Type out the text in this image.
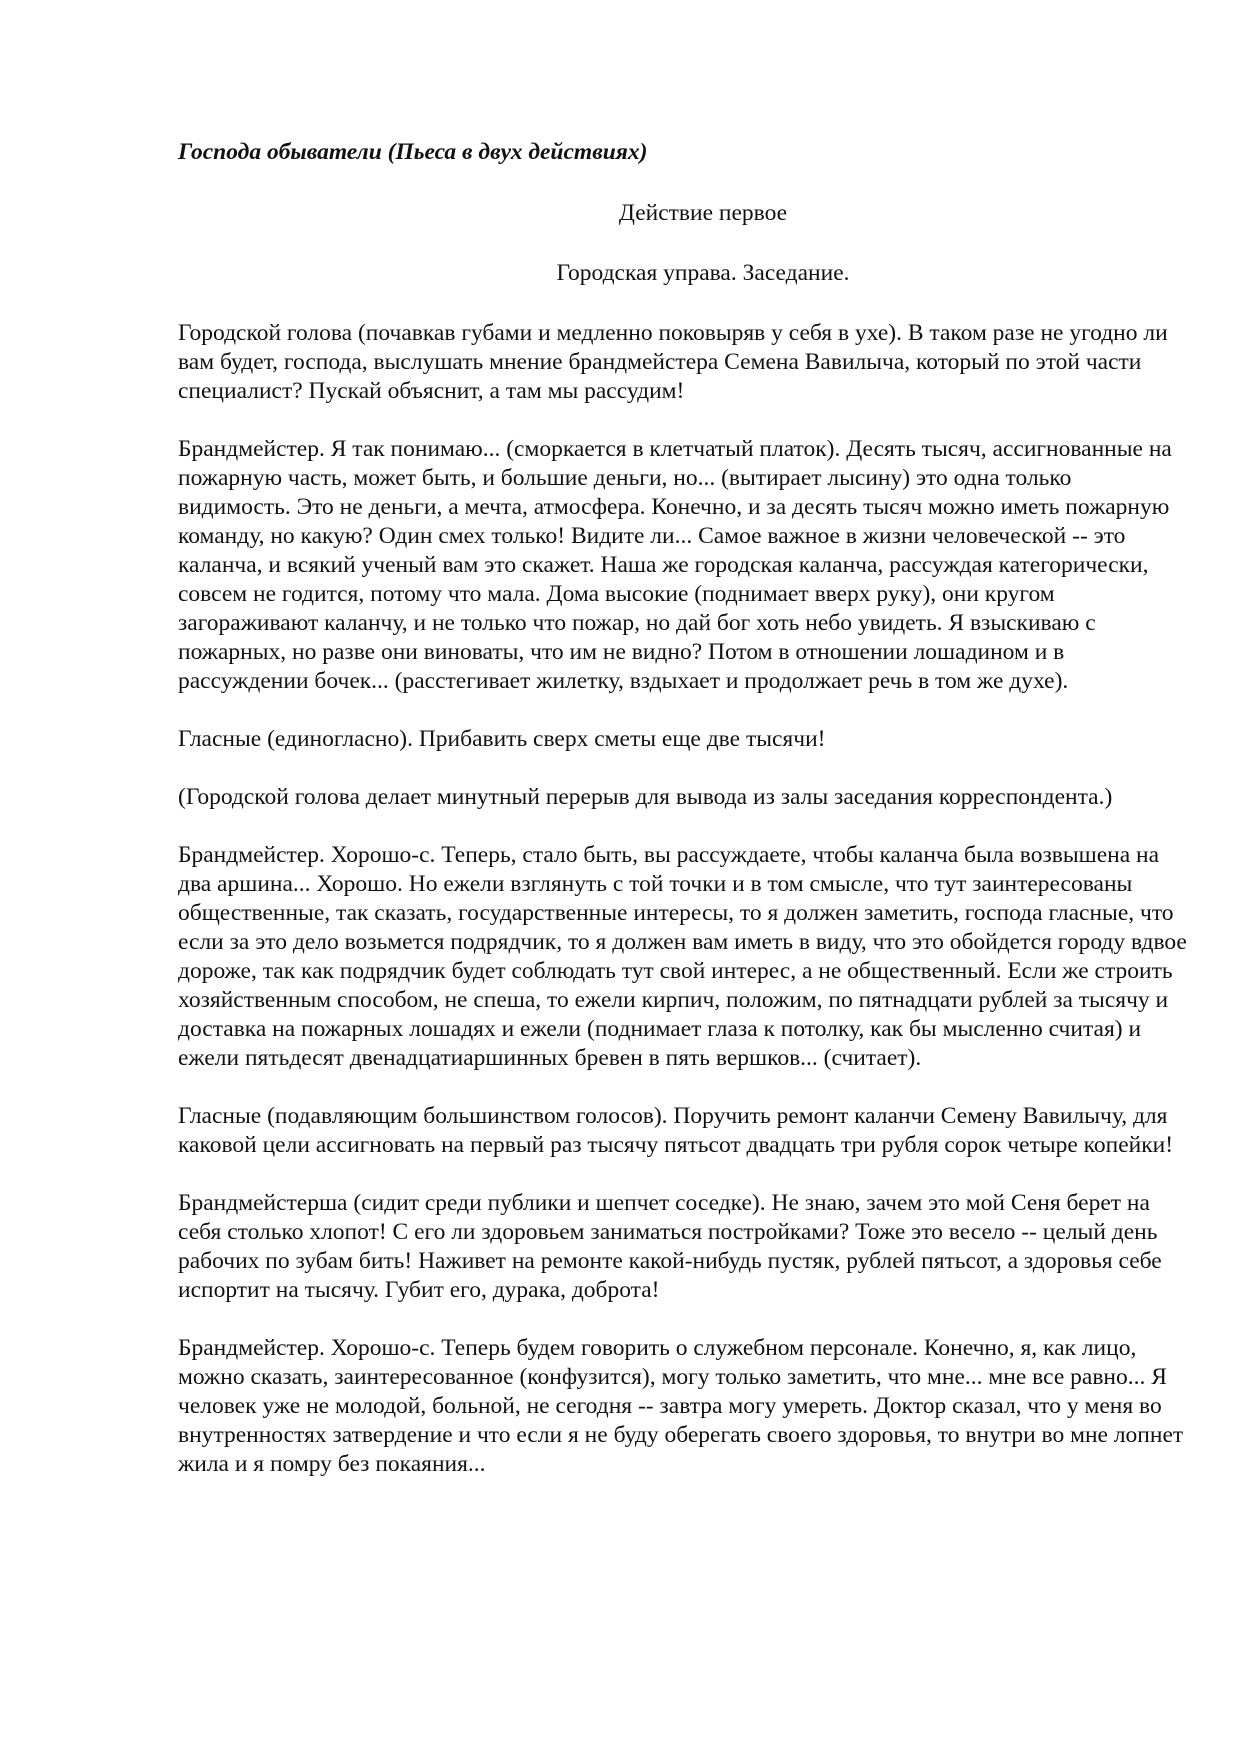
Господа обыватели (Пьеса в двух действиях)

Действие первое

Городская управа. Заседание.

Городской голова (почавкав губами и медленно поковыряв у себя в ухе). В таком разе не угодно ли вам будет, господа, выслушать мнение брандмейстера Семена Вавилыча, который по этой части специалист? Пускай объяснит, а там мы рассудим!

Брандмейстер. Я так понимаю... (сморкается в клетчатый платок). Десять тысяч, ассигнованные на пожарную часть, может быть, и большие деньги, но... (вытирает лысину) это одна только видимость. Это не деньги, а мечта, атмосфера. Конечно, и за десять тысяч можно иметь пожарную команду, но какую? Один смех только! Видите ли... Самое важное в жизни человеческой -- это каланча, и всякий ученый вам это скажет. Наша же городская каланча, рассуждая категорически, совсем не годится, потому что мала. Дома высокие (поднимает вверх руку), они кругом загораживают каланчу, и не только что пожар, но дай бог хоть небо увидеть. Я взыскиваю с пожарных, но разве они виноваты, что им не видно? Потом в отношении лошадином и в рассуждении бочек... (расстегивает жилетку, вздыхает и продолжает речь в том же духе).

Гласные (единогласно). Прибавить сверх сметы еще две тысячи!

(Городской голова делает минутный перерыв для вывода из залы заседания корреспондента.)

Брандмейстер. Хорошо-с. Теперь, стало быть, вы рассуждаете, чтобы каланча была возвышена на два аршина... Хорошо. Но ежели взглянуть с той точки и в том смысле, что тут заинтересованы общественные, так сказать, государственные интересы, то я должен заметить, господа гласные, что если за это дело возьмется подрядчик, то я должен вам иметь в виду, что это обойдется городу вдвое дороже, так как подрядчик будет соблюдать тут свой интерес, а не общественный. Если же строить хозяйственным способом, не спеша, то ежели кирпич, положим, по пятнадцати рублей за тысячу и доставка на пожарных лошадях и ежели (поднимает глаза к потолку, как бы мысленно считая) и ежели пятьдесят двенадцатиаршинных бревен в пять вершков... (считает).

Гласные (подавляющим большинством голосов). Поручить ремонт каланчи Семену Вавилычу, для каковой цели ассигновать на первый раз тысячу пятьсот двадцать три рубля сорок четыре копейки!

Брандмейстерша (сидит среди публики и шепчет соседке). Не знаю, зачем это мой Сеня берет на себя столько хлопот! С его ли здоровьем заниматься постройками? Тоже это весело -- целый день рабочих по зубам бить! Наживет на ремонте какой-нибудь пустяк, рублей пятьсот, а здоровья себе испортит на тысячу. Губит его, дурака, доброта!

Брандмейстер. Хорошо-с. Теперь будем говорить о служебном персонале. Конечно, я, как лицо, можно сказать, заинтересованное (конфузится), могу только заметить, что мне... мне все равно... Я человек уже не молодой, больной, не сегодня -- завтра могу умереть. Доктор сказал, что у меня во внутренностях затвердение и что если я не буду оберегать своего здоровья, то внутри во мне лопнет жила и я помру без покаяния...
